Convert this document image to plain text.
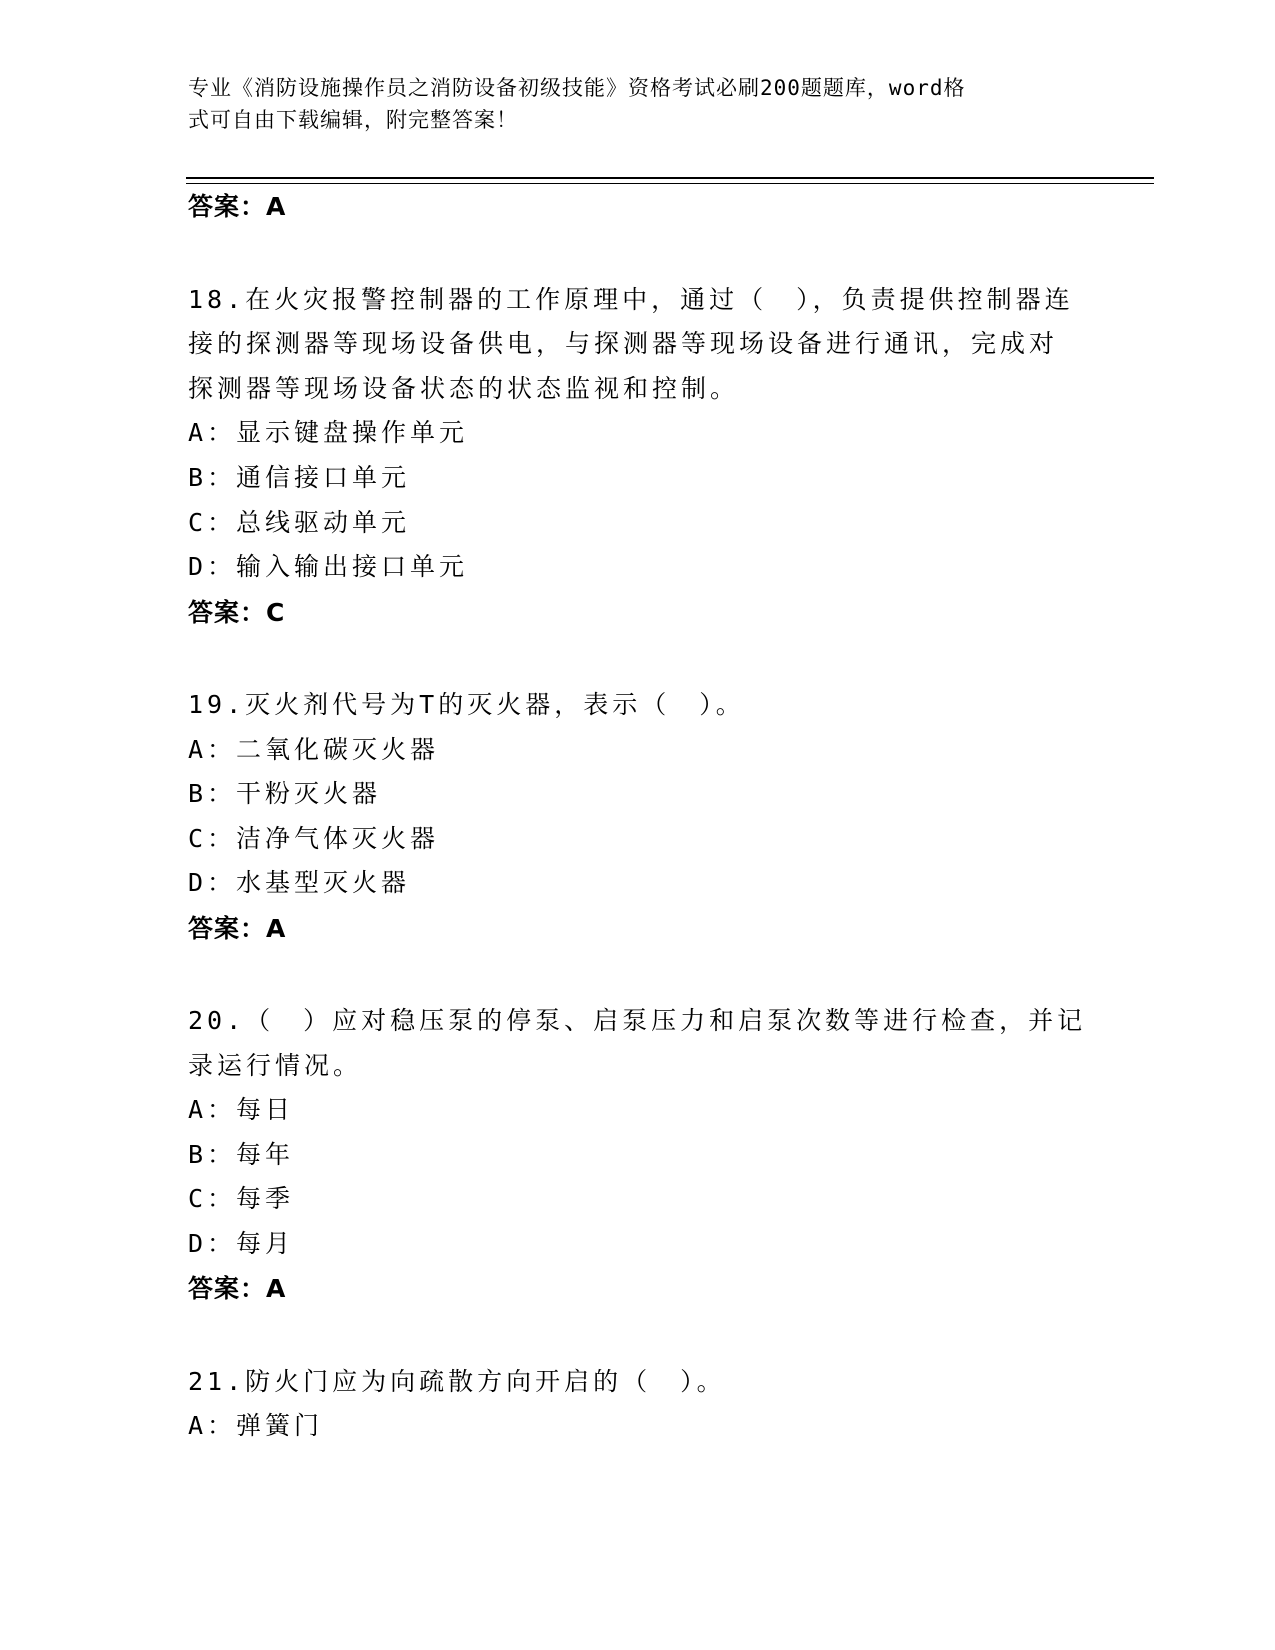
专业《消防设施操作员之消防设备初级技能》资格考试必刷200题题库，word格
式可自由下载编辑，附完整答案！
答案：A
18.在火灾报警控制器的工作原理中，通过（　），负责提供控制器连
接的探测器等现场设备供电，与探测器等现场设备进行通讯，完成对
探测器等现场设备状态的状态监视和控制。
A：显示键盘操作单元
B：通信接口单元
C：总线驱动单元
D：输入输出接口单元
答案：C
19.灭火剂代号为T的灭火器，表示（　）。
A：二氧化碳灭火器
B：干粉灭火器
C：洁净气体灭火器
D：水基型灭火器
答案：A
20.（　）应对稳压泵的停泵、启泵压力和启泵次数等进行检查，并记
录运行情况。
A：每日
B：每年
C：每季
D：每月
答案：A
21.防火门应为向疏散方向开启的（　）。
A：弹簧门
